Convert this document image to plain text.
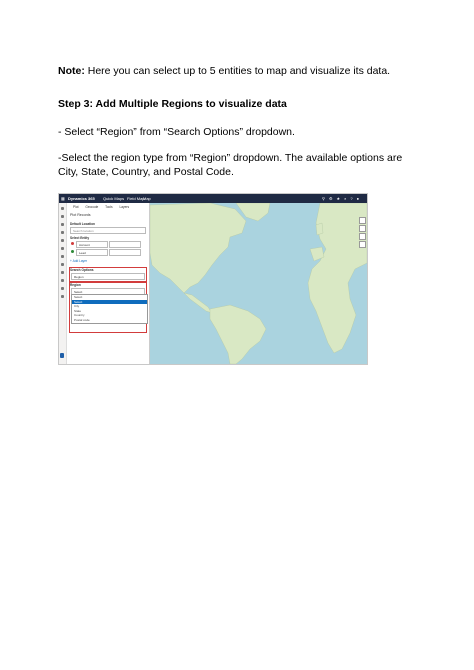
Note: Here you can select up to 5 entities to map and visualize its data.
Step 3: Add Multiple Regions to visualize data
- Select “Region” from “Search Options” dropdown.
-Select the region type from “Region” dropdown. The available options are City, State, Country, and Postal Code.
▦ Dynamics 365 Quick Maps Field Map
Map	⚲⚙★⌕?●
Plot Geocode Tools Layers
Plot Records
Default Location
Search location
Select Entity
Account
Lead
+ Add Layer
Search Options
Region
Region
Select
Select
Select
City
State
Country
Postal code
